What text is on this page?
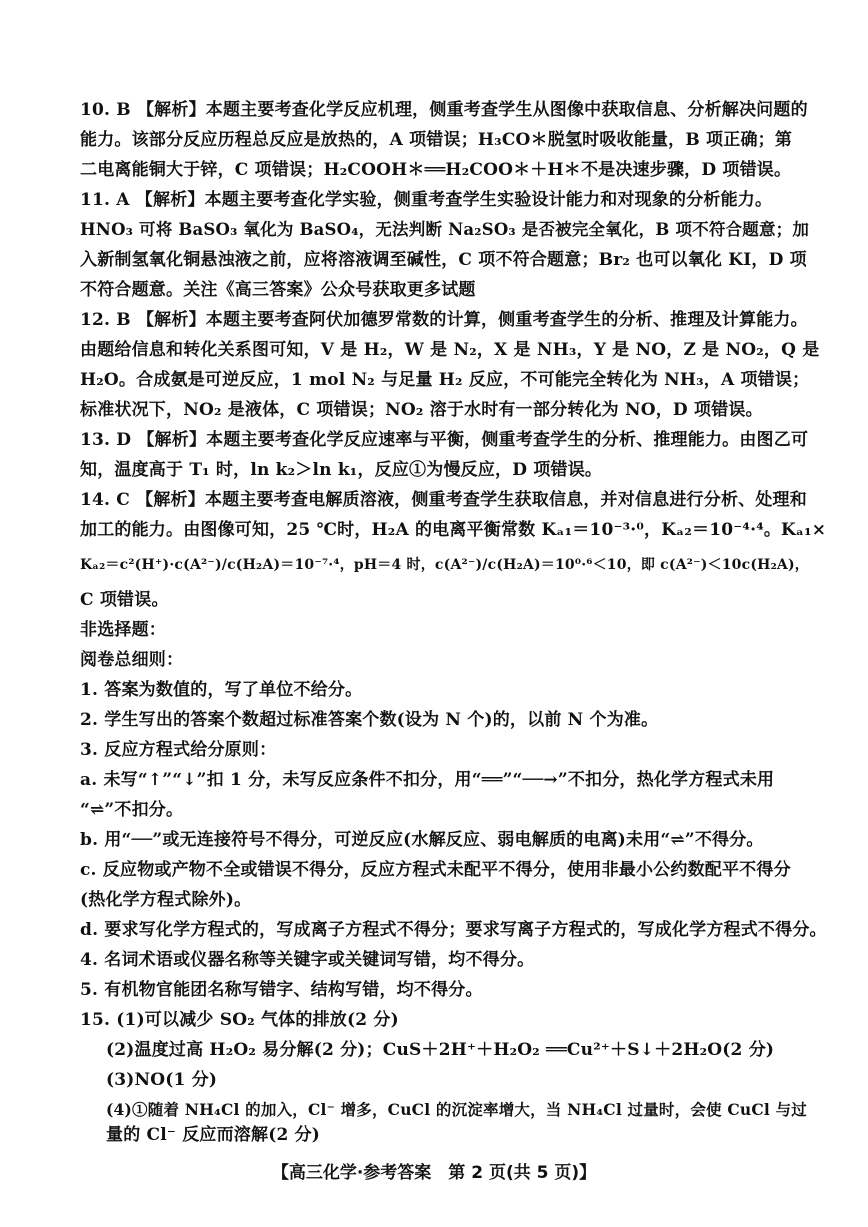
10. B 【解析】本题主要考查化学反应机理，侧重考查学生从图像中获取信息、分析解决问题的
能力。该部分反应历程总反应是放热的，A 项错误；H₃CO＊脱氢时吸收能量，B 项正确；第
二电离能铜大于锌，C 项错误；H₂COOH＊══H₂COO＊＋H＊不是决速步骤，D 项错误。
11. A 【解析】本题主要考查化学实验，侧重考查学生实验设计能力和对现象的分析能力。
HNO₃ 可将 BaSO₃ 氧化为 BaSO₄，无法判断 Na₂SO₃ 是否被完全氧化，B 项不符合题意；加
入新制氢氧化铜悬浊液之前，应将溶液调至碱性，C 项不符合题意；Br₂ 也可以氧化 KI，D 项
不符合题意。关注《高三答案》公众号获取更多试题
12. B 【解析】本题主要考查阿伏加德罗常数的计算，侧重考查学生的分析、推理及计算能力。
由题给信息和转化关系图可知，V 是 H₂，W 是 N₂，X 是 NH₃，Y 是 NO，Z 是 NO₂，Q 是
H₂O。合成氨是可逆反应，1 mol N₂ 与足量 H₂ 反应，不可能完全转化为 NH₃，A 项错误；
标准状况下，NO₂ 是液体，C 项错误；NO₂ 溶于水时有一部分转化为 NO，D 项错误。
13. D 【解析】本题主要考查化学反应速率与平衡，侧重考查学生的分析、推理能力。由图乙可
知，温度高于 T₁ 时，ln k₂＞ln k₁，反应①为慢反应，D 项错误。
14. C 【解析】本题主要考查电解质溶液，侧重考查学生获取信息，并对信息进行分析、处理和
加工的能力。由图像可知，25 ℃时，H₂A 的电离平衡常数 Kₐ₁＝10⁻³·⁰，Kₐ₂＝10⁻⁴·⁴。Kₐ₁×
Kₐ₂＝c²(H⁺)·c(A²⁻)/c(H₂A)＝10⁻⁷·⁴，pH＝4 时，c(A²⁻)/c(H₂A)＝10⁰·⁶＜10，即 c(A²⁻)＜10c(H₂A)，
C 项错误。
非选择题：
阅卷总细则：
1. 答案为数值的，写了单位不给分。
2. 学生写出的答案个数超过标准答案个数(设为 N 个)的，以前 N 个为准。
3. 反应方程式给分原则：
a. 未写“↑”“↓”扣 1 分，未写反应条件不扣分，用“══”“──→”不扣分，热化学方程式未用
“⇌”不扣分。
b. 用“──”或无连接符号不得分，可逆反应(水解反应、弱电解质的电离)未用“⇌”不得分。
c. 反应物或产物不全或错误不得分，反应方程式未配平不得分，使用非最小公约数配平不得分
(热化学方程式除外)。
d. 要求写化学方程式的，写成离子方程式不得分；要求写离子方程式的，写成化学方程式不得分。
4. 名词术语或仪器名称等关键字或关键词写错，均不得分。
5. 有机物官能团名称写错字、结构写错，均不得分。
15. (1)可以减少 SO₂ 气体的排放(2 分)
(2)温度过高 H₂O₂ 易分解(2 分)；CuS＋2H⁺＋H₂O₂ ══Cu²⁺＋S↓＋2H₂O(2 分)
(3)NO(1 分)
(4)①随着 NH₄Cl 的加入，Cl⁻ 增多，CuCl 的沉淀率增大，当 NH₄Cl 过量时，会使 CuCl 与过
【高三化学·参考答案　第 2 页(共 5 页)】
量的 Cl⁻ 反应而溶解(2 分)
